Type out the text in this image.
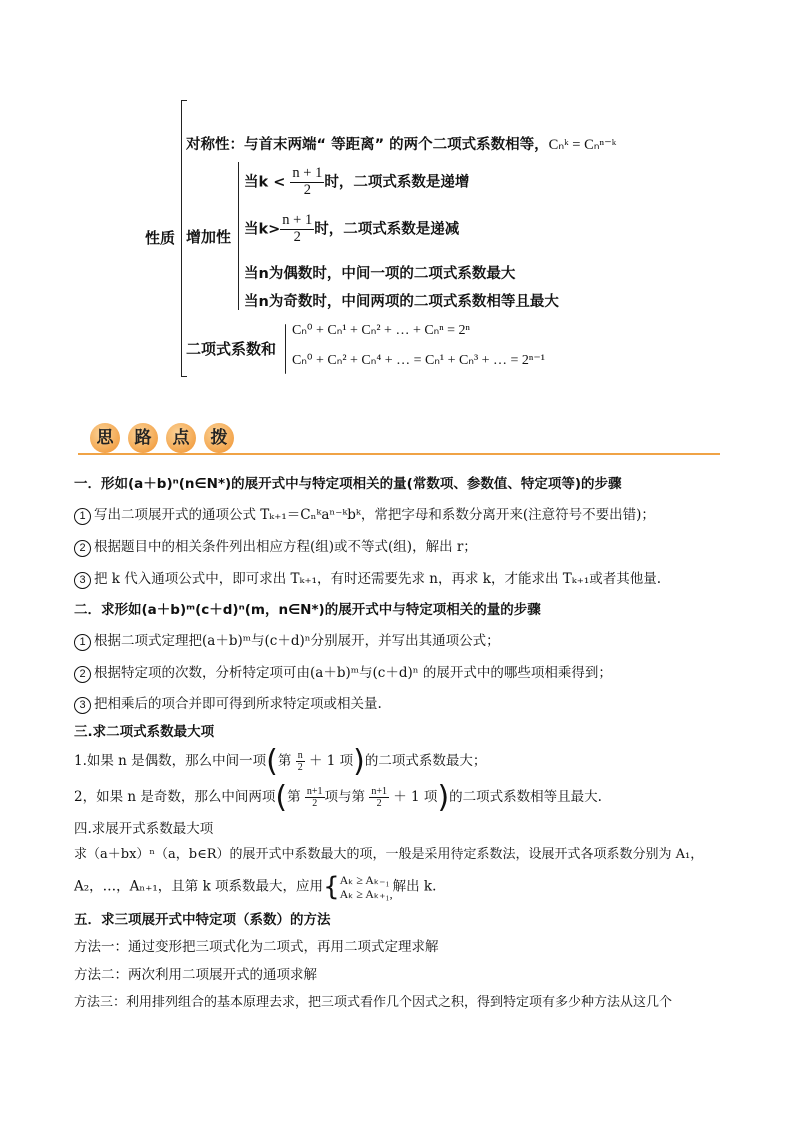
性质
对称性：与首末两端“ 等距离” 的两个二项式系数相等，Cₙᵏ = Cₙⁿ⁻ᵏ
增加性
当$k < \frac{n + 1}{2}$ 时，二项式系数是递增
当$k> \frac{n + 1}{2}$ 时，二项式系数是递减
当n为偶数时，中间一项的二项式系数最大
当n为奇数时，中间两项的二项式系数相等且最大
二项式系数和
Cₙ⁰ + Cₙ¹ + Cₙ² + … + Cₙⁿ = 2ⁿ
Cₙ⁰ + Cₙ² + Cₙ⁴ + … = Cₙ¹ + Cₙ³ + … = 2ⁿ⁻¹
思	路	点	拨
一．形如(a＋b)ⁿ(n∈N*)的展开式中与特定项相关的量(常数项、参数值、特定项等)的步骤
1 写出二项展开式的通项公式 Tₖ₊₁＝Cₙᵏaⁿ⁻ᵏbᵏ，常把字母和系数分离开来(注意符号不要出错)；
2 根据题目中的相关条件列出相应方程(组)或不等式(组)，解出 r；
3 把 k 代入通项公式中，即可求出 Tₖ₊₁，有时还需要先求 n，再求 k，才能求出 Tₖ₊₁或者其他量.
二．求形如(a＋b)ᵐ(c＋d)ⁿ(m，n∈N*)的展开式中与特定项相关的量的步骤
1 根据二项式定理把(a＋b)ᵐ与(c＋d)ⁿ分别展开，并写出其通项公式；
2 根据特定项的次数，分析特定项可由(a＋b)ᵐ与(c＋d)ⁿ 的展开式中的哪些项相乘得到；
3 把相乘后的项合并即可得到所求特定项或相关量.
三.求二项式系数最大项
1.如果 n 是偶数，那么中间一项(第 $\frac{n}{2} + 1$ 项)的二项式系数最大；
2，如果 n 是奇数，那么中间两项(第 $\frac{n+1}{2}$ 项与第 $\frac{n+1}{2} + 1$ 项)的二项式系数相等且最大.
四.求展开式系数最大项
求（a＋bx）ⁿ（a，b∈R）的展开式中系数最大的项，一般是采用待定系数法，设展开式各项系数分别为 A₁，
A₂，…，Aₙ₊₁，且第 k 项系数最大，应用{ Aₖ ≥ Aₖ₋₁
Aₖ ≥ Aₖ₊₁, 解出 k.
五．求三项展开式中特定项（系数）的方法
方法一：通过变形把三项式化为二项式，再用二项式定理求解
方法二：两次利用二项展开式的通项求解
方法三：利用排列组合的基本原理去求，把三项式看作几个因式之积，得到特定项有多少种方法从这几个
